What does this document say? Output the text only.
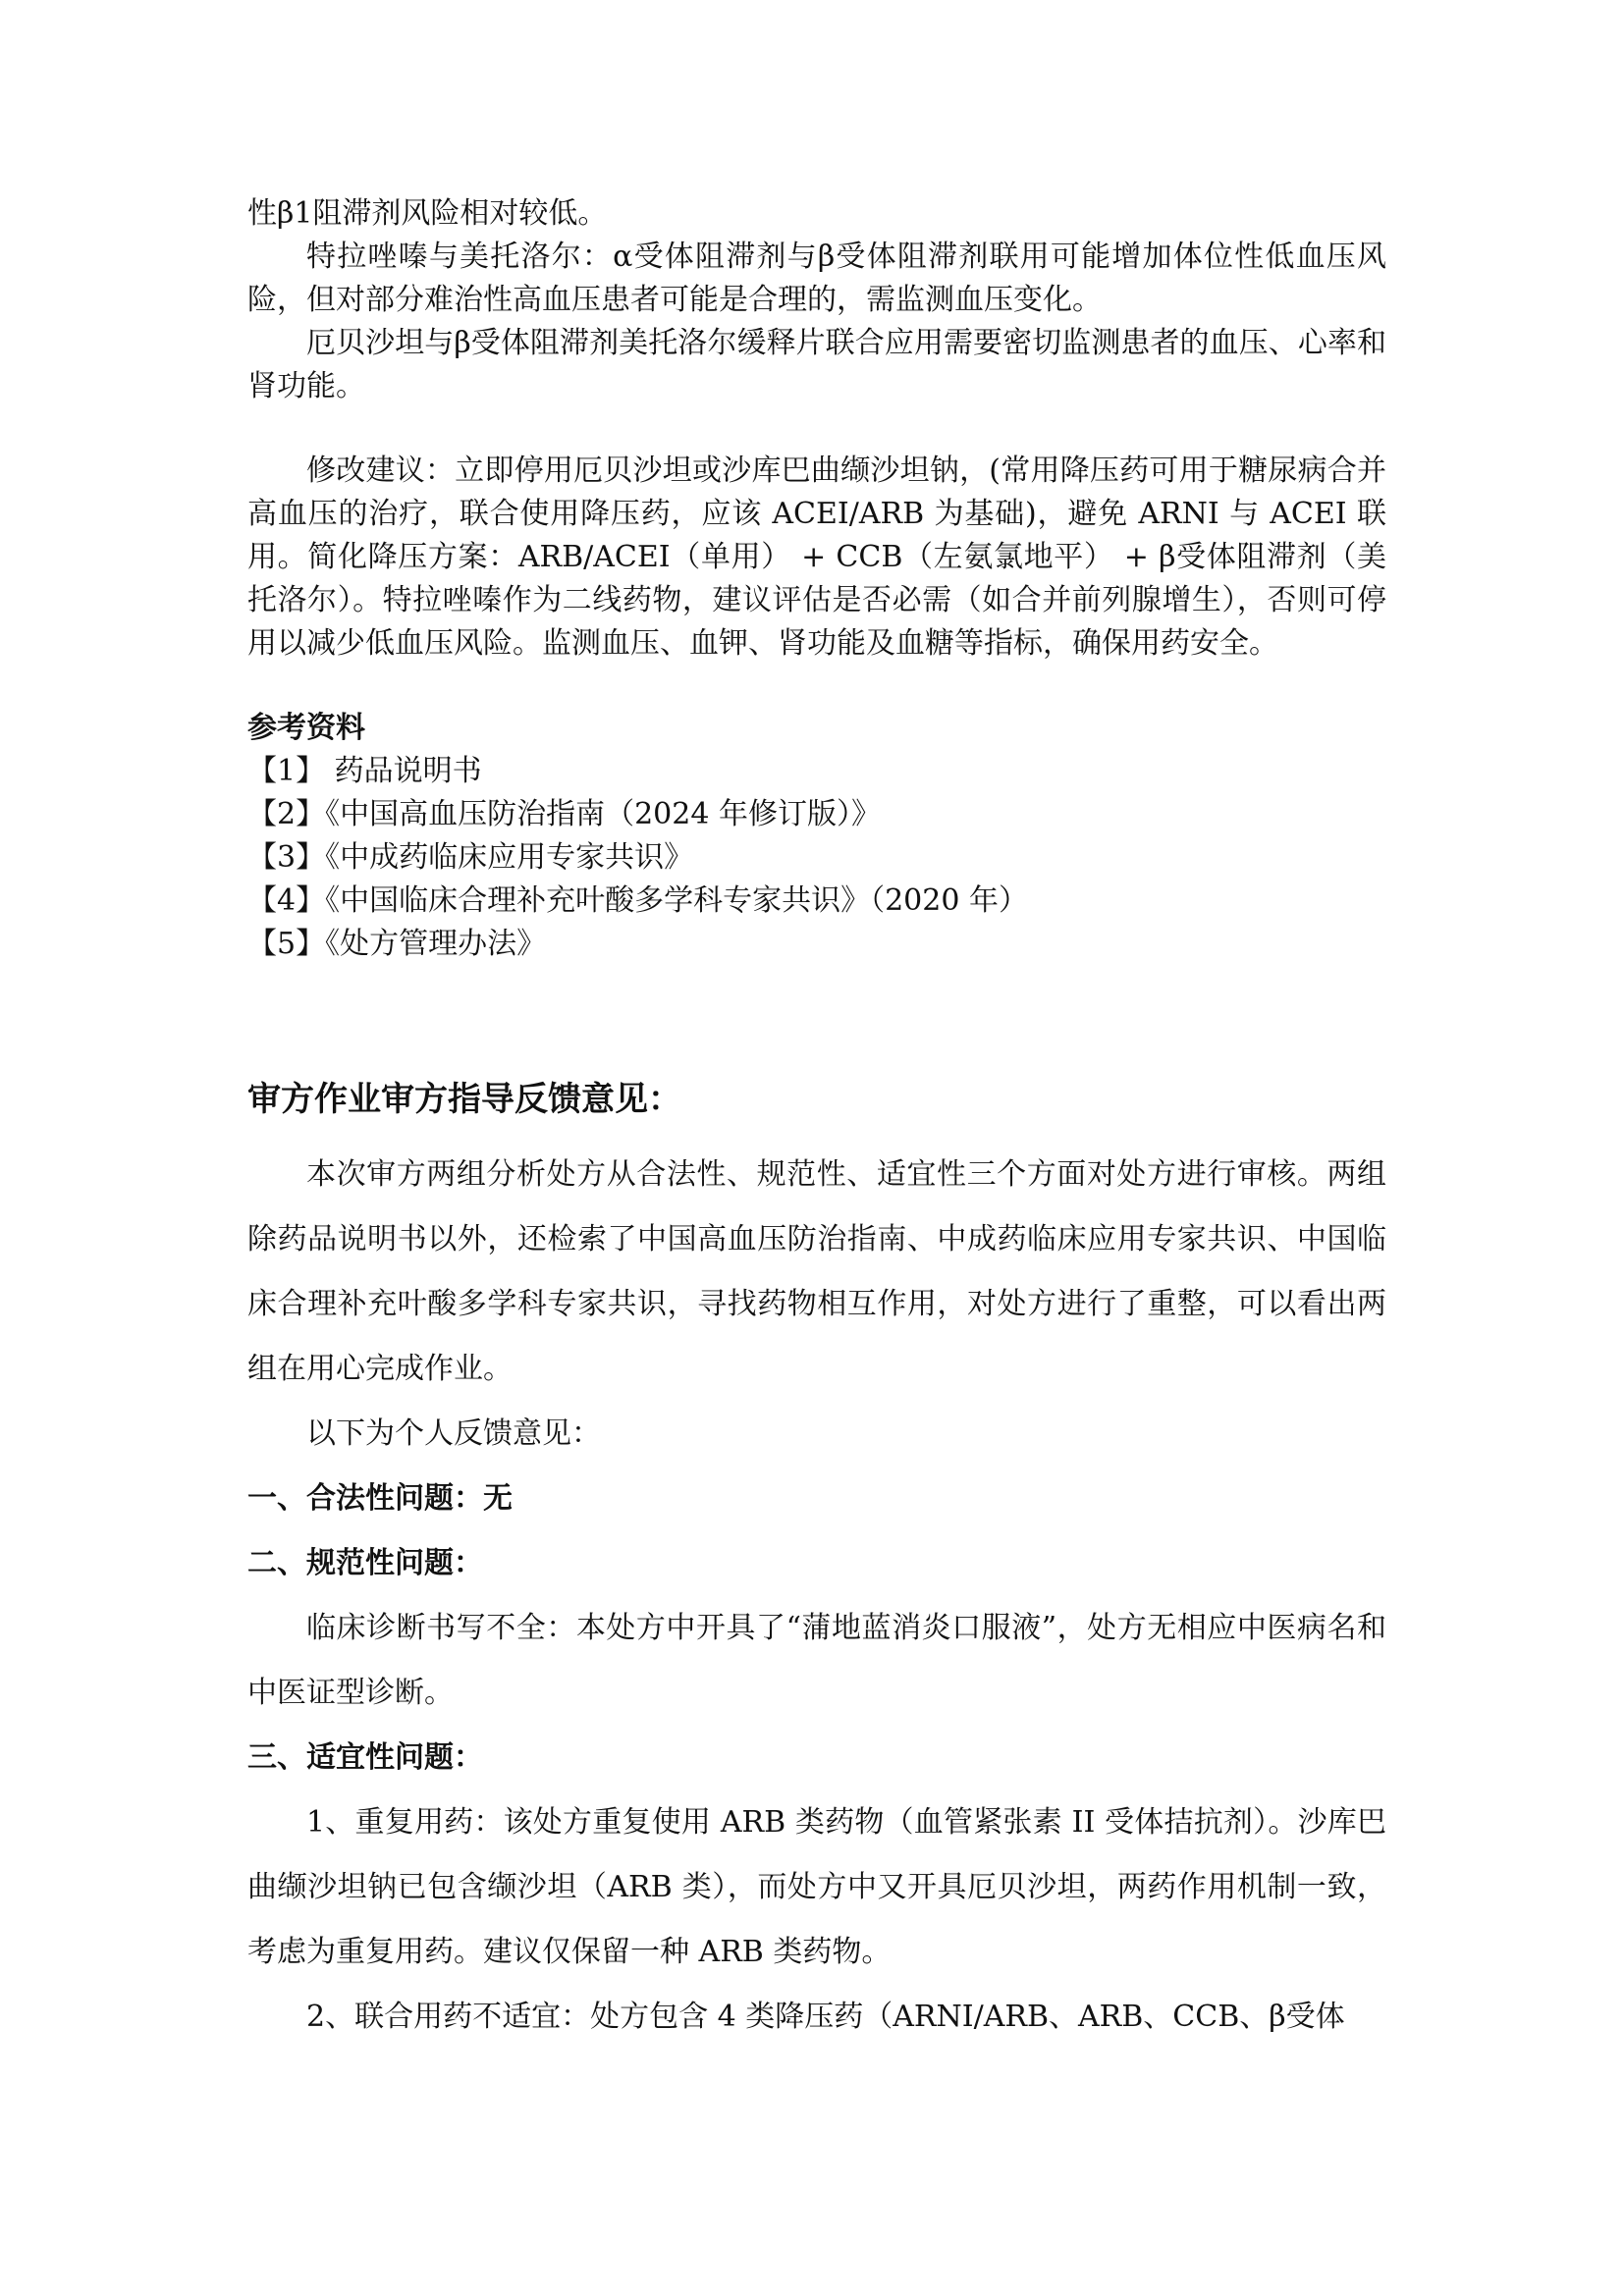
性β1阻滞剂风险相对较低。

特拉唑嗪与美托洛尔：α受体阻滞剂与β受体阻滞剂联用可能增加体位性低血压风险，但对部分难治性高血压患者可能是合理的，需监测血压变化。

厄贝沙坦与β受体阻滞剂美托洛尔缓释片联合应用需要密切监测患者的血压、心率和肾功能。

修改建议：立即停用厄贝沙坦或沙库巴曲缬沙坦钠，(常用降压药可用于糖尿病合并高血压的治疗，联合使用降压药，应该 ACEI/ARB 为基础)，避免 ARNI 与 ACEI 联用。简化降压方案：ARB/ACEI（单用） + CCB（左氨氯地平） + β受体阻滞剂（美托洛尔）。特拉唑嗪作为二线药物，建议评估是否必需（如合并前列腺增生），否则可停用以减少低血压风险。监测血压、血钾、肾功能及血糖等指标，确保用药安全。

参考资料

【1】 药品说明书

【2】《中国高血压防治指南（2024 年修订版）》

【3】《中成药临床应用专家共识》

【4】《中国临床合理补充叶酸多学科专家共识》（2020 年）

【5】《处方管理办法》

审方作业审方指导反馈意见：

本次审方两组分析处方从合法性、规范性、适宜性三个方面对处方进行审核。两组除药品说明书以外，还检索了中国高血压防治指南、中成药临床应用专家共识、中国临床合理补充叶酸多学科专家共识，寻找药物相互作用，对处方进行了重整，可以看出两组在用心完成作业。

以下为个人反馈意见：

一、合法性问题：无

二、规范性问题：

临床诊断书写不全：本处方中开具了“蒲地蓝消炎口服液”，处方无相应中医病名和中医证型诊断。

三、适宜性问题：

1、重复用药：该处方重复使用 ARB 类药物（血管紧张素 II 受体拮抗剂）。沙库巴曲缬沙坦钠已包含缬沙坦（ARB 类），而处方中又开具厄贝沙坦，两药作用机制一致，考虑为重复用药。建议仅保留一种 ARB 类药物。

2、联合用药不适宜：处方包含 4 类降压药（ARNI/ARB、ARB、CCB、β受体
